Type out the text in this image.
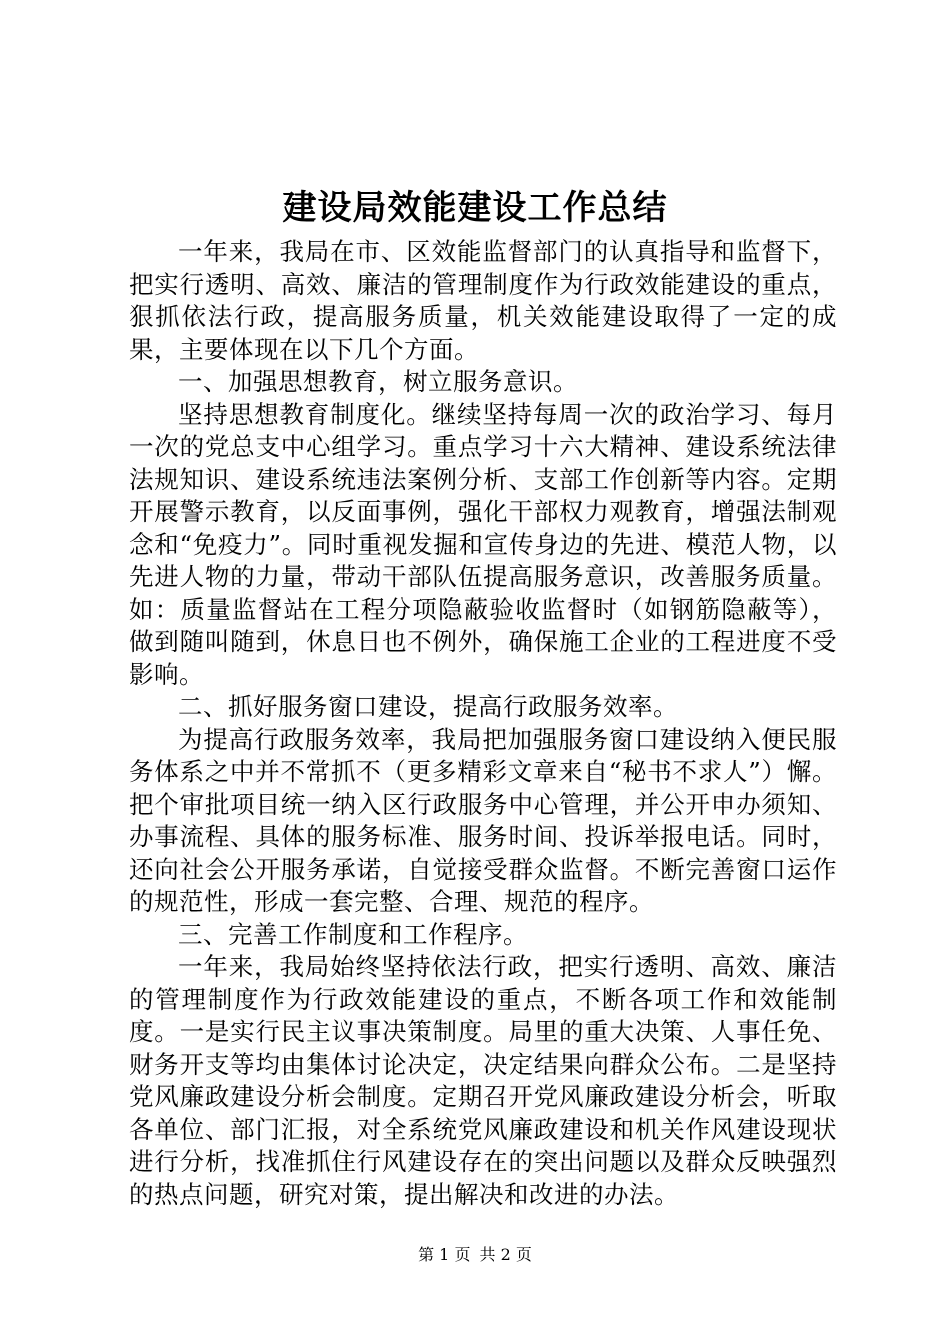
建设局效能建设工作总结

一年来，我局在市、区效能监督部门的认真指导和监督下，把实行透明、高效、廉洁的管理制度作为行政效能建设的重点，狠抓依法行政，提高服务质量，机关效能建设取得了一定的成果，主要体现在以下几个方面。

一、加强思想教育，树立服务意识。

坚持思想教育制度化。继续坚持每周一次的政治学习、每月一次的党总支中心组学习。重点学习十六大精神、建设系统法律法规知识、建设系统违法案例分析、支部工作创新等内容。定期开展警示教育，以反面事例，强化干部权力观教育，增强法制观念和“免疫力”。同时重视发掘和宣传身边的先进、模范人物，以先进人物的力量，带动干部队伍提高服务意识，改善服务质量。如：质量监督站在工程分项隐蔽验收监督时（如钢筋隐蔽等），做到随叫随到，休息日也不例外，确保施工企业的工程进度不受影响。

二、抓好服务窗口建设，提高行政服务效率。

为提高行政服务效率，我局把加强服务窗口建设纳入便民服务体系之中并不常抓不（更多精彩文章来自“秘书不求人”）懈。把个审批项目统一纳入区行政服务中心管理，并公开申办须知、办事流程、具体的服务标准、服务时间、投诉举报电话。同时，还向社会公开服务承诺，自觉接受群众监督。不断完善窗口运作的规范性，形成一套完整、合理、规范的程序。

三、完善工作制度和工作程序。

一年来，我局始终坚持依法行政，把实行透明、高效、廉洁的管理制度作为行政效能建设的重点，不断各项工作和效能制度。一是实行民主议事决策制度。局里的重大决策、人事任免、财务开支等均由集体讨论决定，决定结果向群众公布。二是坚持党风廉政建设分析会制度。定期召开党风廉政建设分析会，听取各单位、部门汇报，对全系统党风廉政建设和机关作风建设现状进行分析，找准抓住行风建设存在的突出问题以及群众反映强烈的热点问题，研究对策，提出解决和改进的办法。

第 1 页 共 2 页
